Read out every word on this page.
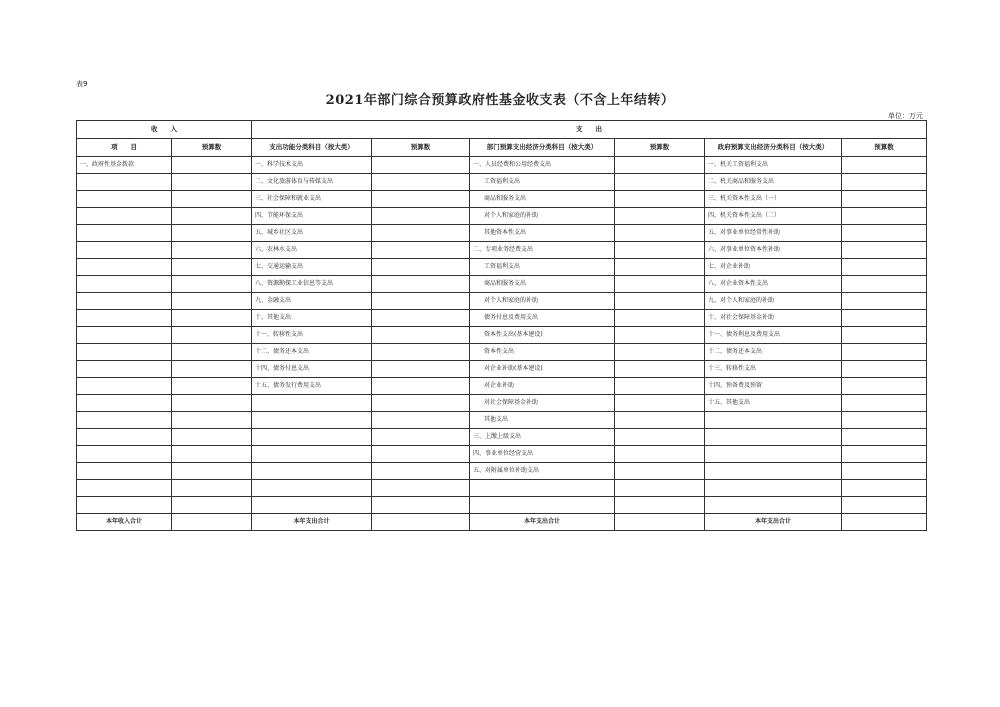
表9
2021年部门综合预算政府性基金收支表（不含上年结转）
单位：万元
收　　入		支　　出					
项　　目	预算数	支出功能分类科目（按大类）	预算数	部门预算支出经济分类科目（按大类）	预算数	政府预算支出经济分类科目（按大类）	预算数
一、政府性基金拨款		一、科学技术支出		一、人员经费和公用经费支出		一、机关工资福利支出	
		二、文化旅游体育与传媒支出		工资福利支出		二、机关商品和服务支出	
		三、社会保障和就业支出		商品和服务支出		三、机关资本性支出（一）	
		四、节能环保支出		对个人和家庭的补助		四、机关资本性支出（二）	
		五、城乡社区支出		其他资本性支出		五、对事业单位经常性补助	
		六、农林水支出		二、专项业务经费支出		六、对事业单位资本性补助	
		七、交通运输支出		工资福利支出		七、对企业补助	
		八、资源勘探工业信息等支出		商品和服务支出		八、对企业资本性支出	
		九、金融支出		对个人和家庭的补助		九、对个人和家庭的补助	
		十、其他支出		债务付息及费用支出		十、对社会保障基金补助	
		十一、转移性支出		资本性支出(基本建设)		十一、债务利息及费用支出	
		十二、债务还本支出		资本性支出		十二、债务还本支出	
		十四、债务付息支出		对企业补助(基本建设)		十三、转移性支出	
		十五、债务发行费用支出		对企业补助		十四、预备费及预留	
				对社会保障基金补助		十五、其他支出	
				其他支出			
				三、上缴上级支出			
				四、事业单位经营支出			
				五、对附属单位补助支出			

本年收入合计		本年支出合计		本年支出合计		本年支出合计	
